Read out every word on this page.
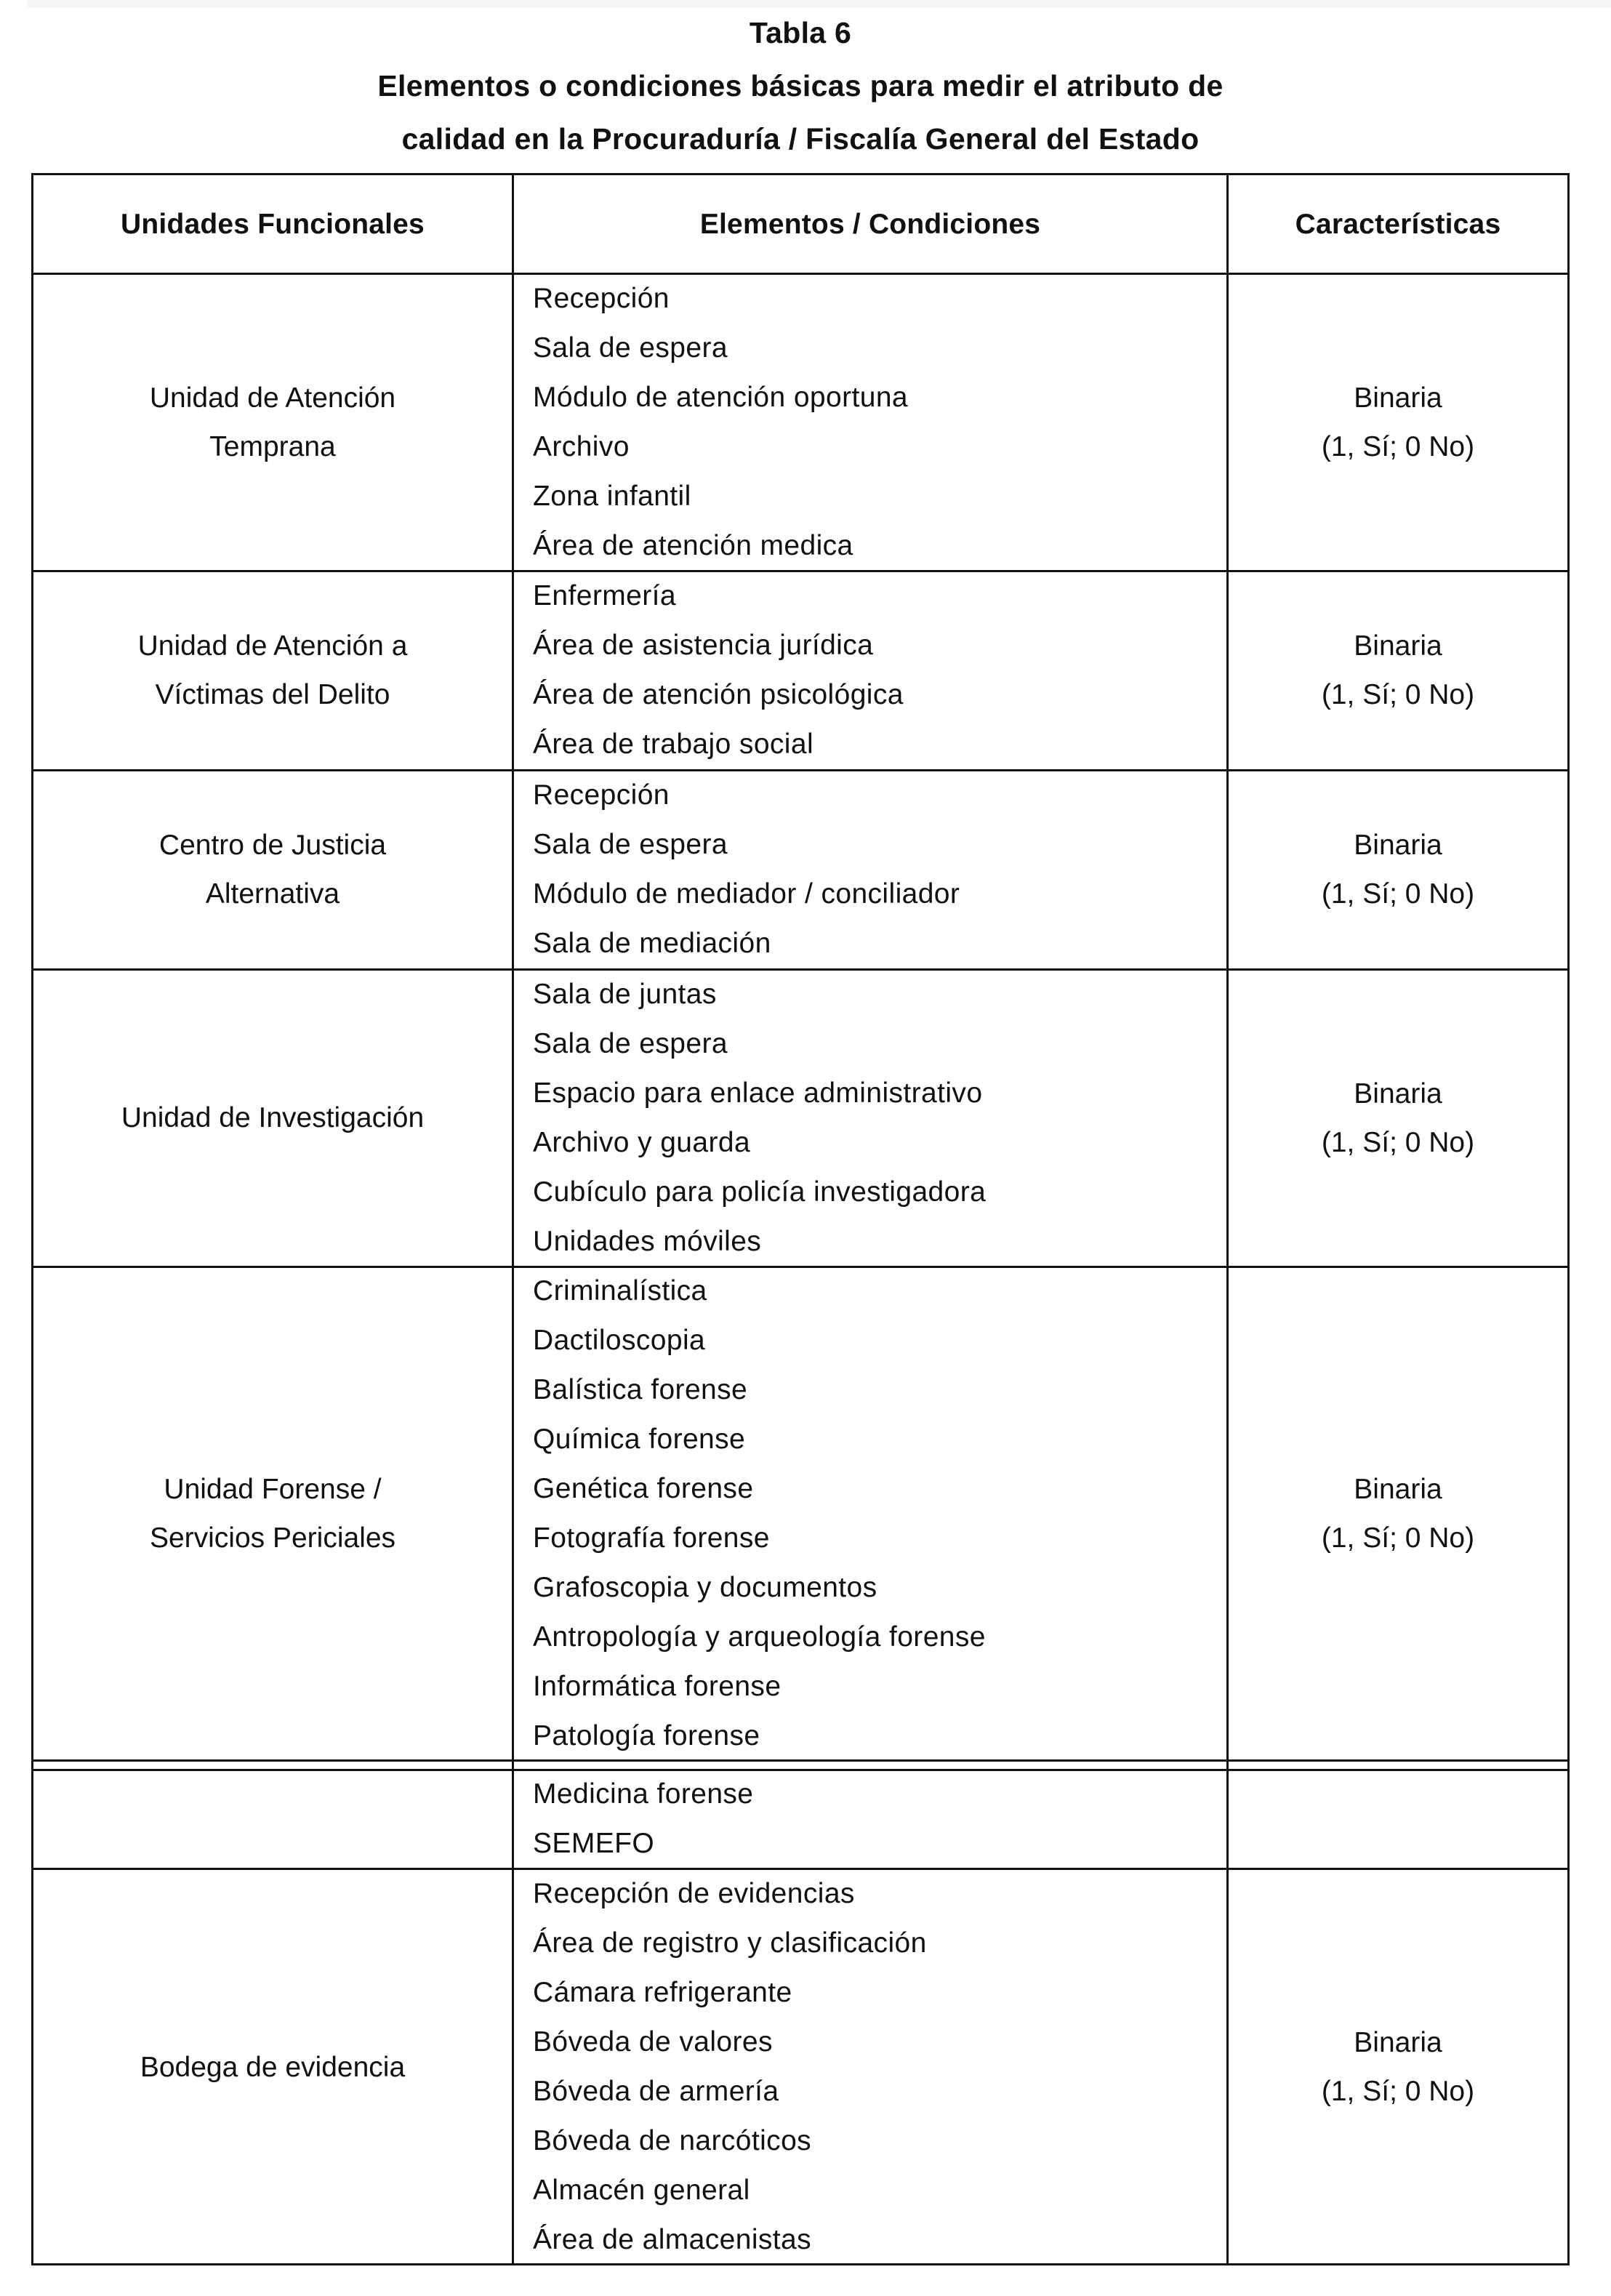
Tabla 6
Elementos o condiciones básicas para medir el atributo de
calidad en la Procuraduría / Fiscalía General del Estado
Unidades Funcionales	Elementos / Condiciones	Características
Unidad de Atención
Temprana
Recepción
Sala de espera
Módulo de atención oportuna
Archivo
Zona infantil
Área de atención medica
Binaria
(1, Sí; 0 No)
Unidad de Atención a
Víctimas del Delito
Enfermería
Área de asistencia jurídica
Área de atención psicológica
Área de trabajo social
Binaria
(1, Sí; 0 No)
Centro de Justicia
Alternativa
Recepción
Sala de espera
Módulo de mediador / conciliador
Sala de mediación
Binaria
(1, Sí; 0 No)
Unidad de Investigación
Sala de juntas
Sala de espera
Espacio para enlace administrativo
Archivo y guarda
Cubículo para policía investigadora
Unidades móviles
Binaria
(1, Sí; 0 No)
Unidad Forense /
Servicios Periciales
Criminalística
Dactiloscopia
Balística forense
Química forense
Genética forense
Fotografía forense
Grafoscopia y documentos
Antropología y arqueología forense
Informática forense
Patología forense
Binaria
(1, Sí; 0 No)
Medicina forense
SEMEFO
Bodega de evidencia
Recepción de evidencias
Área de registro y clasificación
Cámara refrigerante
Bóveda de valores
Bóveda de armería
Bóveda de narcóticos
Almacén general
Área de almacenistas
Binaria
(1, Sí; 0 No)
